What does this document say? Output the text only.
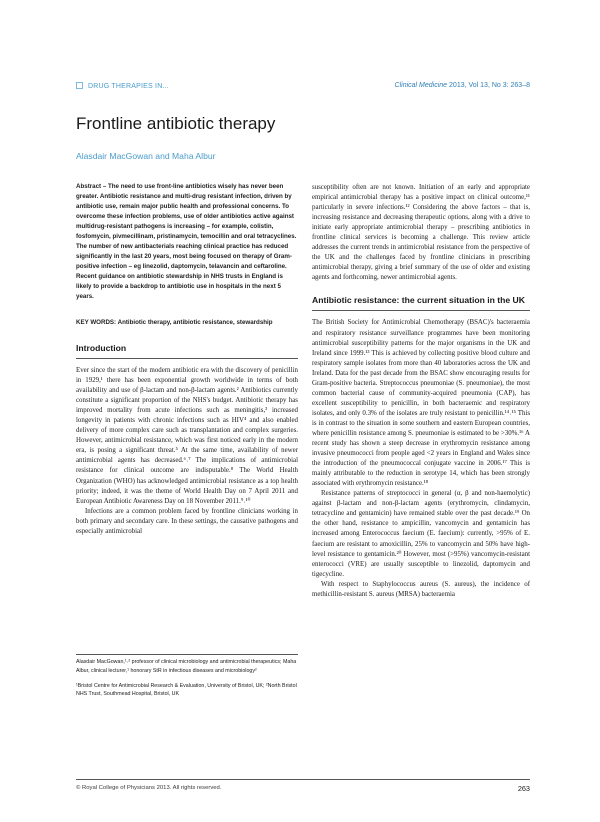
DRUG THERAPIES IN...	Clinical Medicine 2013, Vol 13, No 3: 263–8
Frontline antibiotic therapy
Alasdair MacGowan and Maha Albur

Abstract – The need to use front-line antibiotics wisely has never been greater. Antibiotic resistance and multi-drug resistant infection, driven by antibiotic use, remain major public health and professional concerns. To overcome these infection problems, use of older antibiotics active against multidrug-resistant pathogens is increasing – for example, colistin, fosfomycin, pivmecillinam, pristinamycin, temocillin and oral tetracyclines. The number of new antibacterials reaching clinical practice has reduced significantly in the last 20 years, most being focused on therapy of Gram-positive infection – eg linezolid, daptomycin, telavancin and ceftaroline. Recent guidance on antibiotic stewardship in NHS trusts in England is likely to provide a backdrop to antibiotic use in hospitals in the next 5 years.

KEY WORDS: Antibiotic therapy, antibiotic resistance, stewardship

Introduction

Ever since the start of the modern antibiotic era with the discovery of penicillin in 1929,¹ there has been exponential growth worldwide in terms of both availability and use of β-lactam and non-β-lactam agents.² Antibiotics currently constitute a significant proportion of the NHS's budget. Antibiotic therapy has improved mortality from acute infections such as meningitis,³ increased longevity in patients with chronic infections such as HIV⁴ and also enabled delivery of more complex care such as transplantation and complex surgeries. However, antimicrobial resistance, which was first noticed early in the modern era, is posing a significant threat.⁵ At the same time, availability of newer antimicrobial agents has decreased.⁶˒⁷ The implications of antimicrobial resistance for clinical outcome are indisputable.⁸ The World Health Organization (WHO) has acknowledged antimicrobial resistance as a top health priority; indeed, it was the theme of World Health Day on 7 April 2011 and European Antibiotic Awareness Day on 18 November 2011.⁹˒¹⁰

Infections are a common problem faced by frontline clinicians working in both primary and secondary care. In these settings, the causative pathogens and especially antimicrobial

susceptibility often are not known. Initiation of an early and appropriate empirical antimicrobial therapy has a positive impact on clinical outcome,¹¹ particularly in severe infections.¹² Considering the above factors – that is, increasing resistance and decreasing therapeutic options, along with a drive to initiate early appropriate antimicrobial therapy – prescribing antibiotics in frontline clinical services is becoming a challenge. This review article addresses the current trends in antimicrobial resistance from the perspective of the UK and the challenges faced by frontline clinicians in prescribing antimicrobial therapy, giving a brief summary of the use of older and existing agents and forthcoming, newer antimicrobial agents.

Antibiotic resistance: the current situation in the UK

The British Society for Antimicrobial Chemotherapy (BSAC)'s bacteraemia and respiratory resistance surveillance programmes have been monitoring antimicrobial susceptibility patterns for the major organisms in the UK and Ireland since 1999.¹³ This is achieved by collecting positive blood culture and respiratory sample isolates from more than 40 laboratories across the UK and Ireland. Data for the past decade from the BSAC show encouraging results for Gram-positive bacteria. Streptococcus pneumoniae (S. pneumoniae), the most common bacterial cause of community-acquired pneumonia (CAP), has excellent susceptibility to penicillin, in both bacteraemic and respiratory isolates, and only 0.3% of the isolates are truly resistant to penicillin.¹⁴˒¹⁵ This is in contrast to the situation in some southern and eastern European countries, where penicillin resistance among S. pneumoniae is estimated to be >30%.¹⁶ A recent study has shown a steep decrease in erythromycin resistance among invasive pneumococci from people aged <2 years in England and Wales since the introduction of the pneumococcal conjugate vaccine in 2006.¹⁷ This is mainly attributable to the reduction in serotype 14, which has been strongly associated with erythromycin resistance.¹⁸

Resistance patterns of streptococci in general (α, β and non-haemolytic) against β-lactam and non-β-lactam agents (erythromycin, clindamycin, tetracycline and gentamicin) have remained stable over the past decade.¹⁹ On the other hand, resistance to ampicillin, vancomycin and gentamicin has increased among Enterococcus faecium (E. faecium): currently, >95% of E. faecium are resistant to amoxicillin, 25% to vancomycin and 50% have high-level resistance to gentamicin.²⁰ However, most (>95%) vancomycin-resistant enterococci (VRE) are usually susceptible to linezolid, daptomycin and tigecycline.

With respect to Staphylococcus aureus (S. aureus), the incidence of methicillin-resistant S. aureus (MRSA) bacteraemia

Alasdair MacGowan,¹˒² professor of clinical microbiology and antimicrobial therapeutics; Maha Albur, clinical lecturer,¹ honorary StR in infectious diseases and microbiology²

¹Bristol Centre for Antimicrobial Research & Evaluation, University of Bristol, UK; ²North Bristol NHS Trust, Southmead Hospital, Bristol, UK

© Royal College of Physicians 2013. All rights reserved.	263
